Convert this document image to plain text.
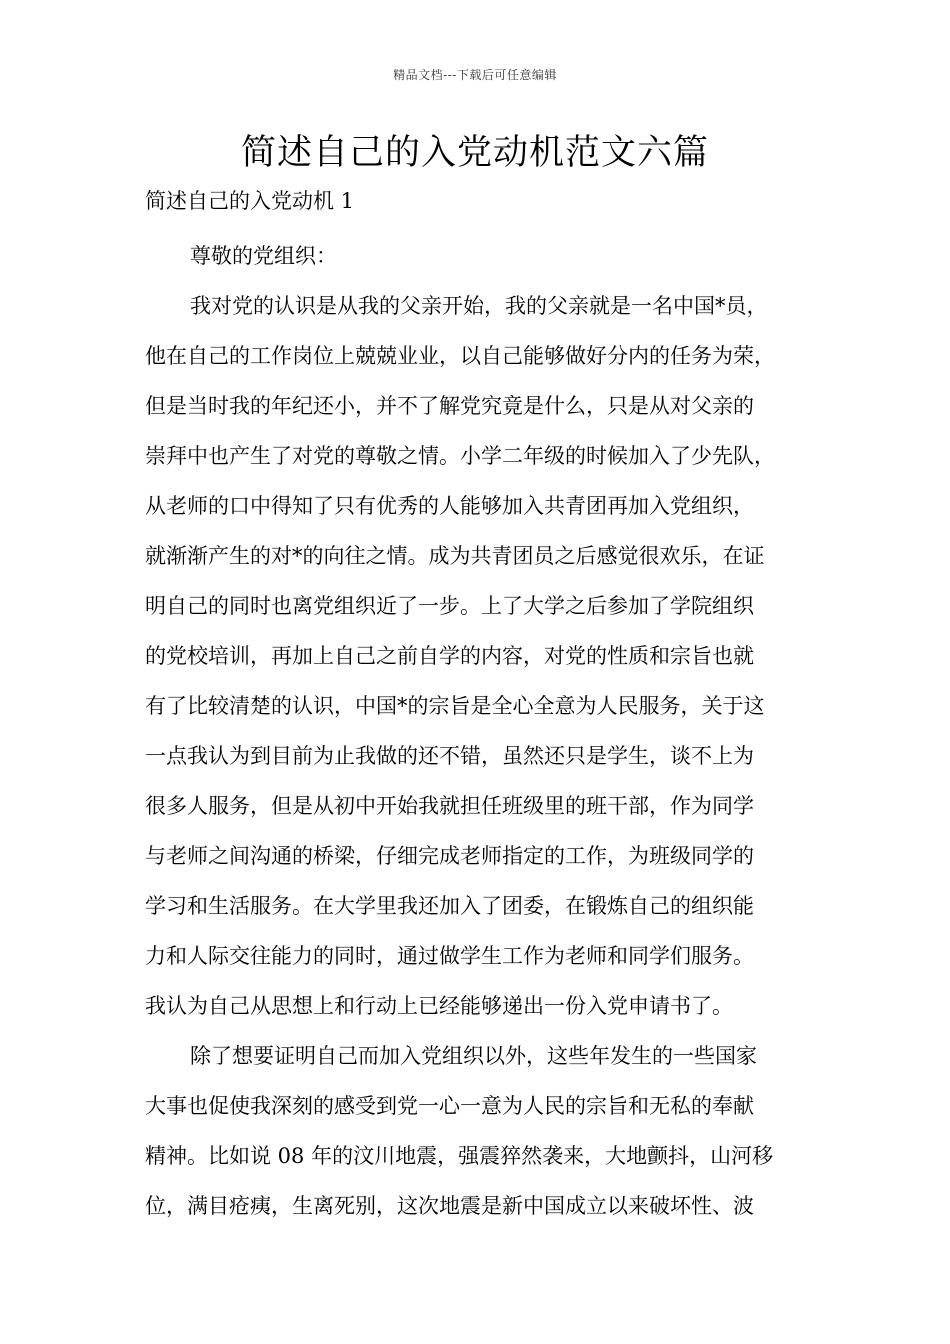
精品文档---下载后可任意编辑
简述自己的入党动机范文六篇
简述自己的入党动机 1
尊敬的党组织：
我对党的认识是从我的父亲开始，我的父亲就是一名中国*员，
他在自己的工作岗位上兢兢业业，以自己能够做好分内的任务为荣，
但是当时我的年纪还小，并不了解党究竟是什么，只是从对父亲的
崇拜中也产生了对党的尊敬之情。小学二年级的时候加入了少先队，
从老师的口中得知了只有优秀的人能够加入共青团再加入党组织，
就渐渐产生的对*的向往之情。成为共青团员之后感觉很欢乐，在证
明自己的同时也离党组织近了一步。上了大学之后参加了学院组织
的党校培训，再加上自己之前自学的内容，对党的性质和宗旨也就
有了比较清楚的认识，中国*的宗旨是全心全意为人民服务，关于这
一点我认为到目前为止我做的还不错，虽然还只是学生，谈不上为
很多人服务，但是从初中开始我就担任班级里的班干部，作为同学
与老师之间沟通的桥梁，仔细完成老师指定的工作，为班级同学的
学习和生活服务。在大学里我还加入了团委，在锻炼自己的组织能
力和人际交往能力的同时，通过做学生工作为老师和同学们服务。
我认为自己从思想上和行动上已经能够递出一份入党申请书了。
除了想要证明自己而加入党组织以外，这些年发生的一些国家
大事也促使我深刻的感受到党一心一意为人民的宗旨和无私的奉献
精神。比如说 08 年的汶川地震，强震猝然袭来，大地颤抖，山河移
位，满目疮痍，生离死别，这次地震是新中国成立以来破坏性、波
